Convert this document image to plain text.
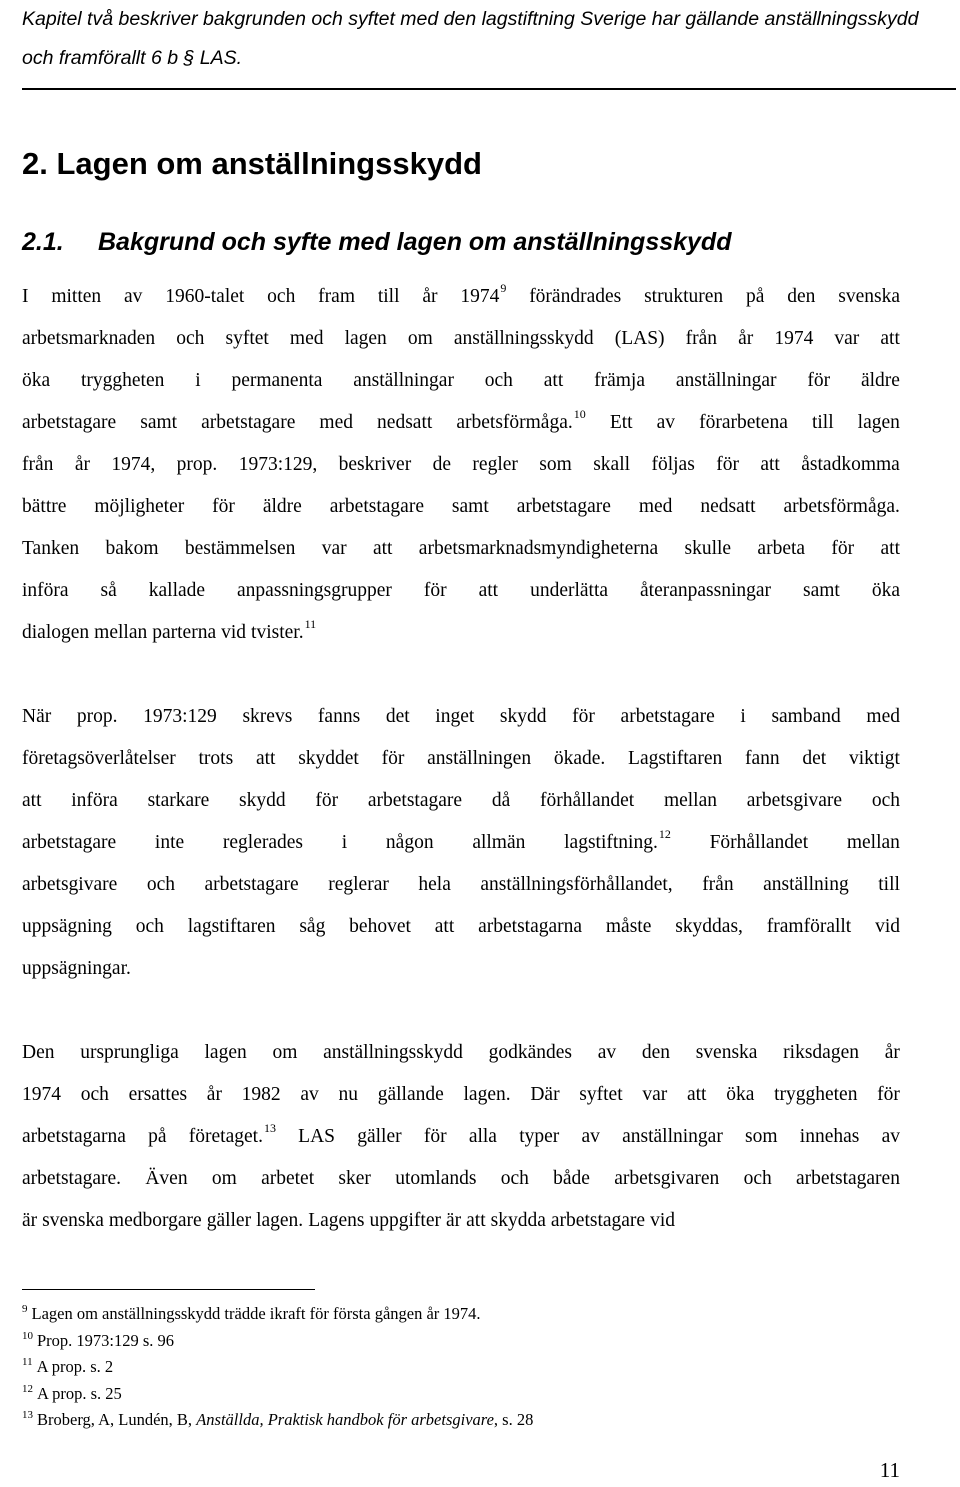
Kapitel två beskriver bakgrunden och syftet med den lagstiftning Sverige har gällande anställningsskydd och framförallt 6 b § LAS.
2. Lagen om anställningsskydd
2.1. Bakgrund och syfte med lagen om anställningsskydd
I mitten av 1960-talet och fram till år 1974$^9$ förändrades strukturen på den svenska
arbetsmarknaden och syftet med lagen om anställningsskydd (LAS) från år 1974 var att
öka tryggheten i permanenta anställningar och att främja anställningar för äldre
arbetstagare samt arbetstagare med nedsatt arbetsförmåga.$^{10}$ Ett av förarbetena till lagen
från år 1974, prop. 1973:129, beskriver de regler som skall följas för att åstadkomma
bättre möjligheter för äldre arbetstagare samt arbetstagare med nedsatt arbetsförmåga.
Tanken bakom bestämmelsen var att arbetsmarknadsmyndigheterna skulle arbeta för att
införa så kallade anpassningsgrupper för att underlätta återanpassningar samt öka
dialogen mellan parterna vid tvister.$^{11}$
När prop. 1973:129 skrevs fanns det inget skydd för arbetstagare i samband med
företagsöverlåtelser trots att skyddet för anställningen ökade. Lagstiftaren fann det viktigt
att införa starkare skydd för arbetstagare då förhållandet mellan arbetsgivare och
arbetstagare inte reglerades i någon allmän lagstiftning.$^{12}$ Förhållandet mellan
arbetsgivare och arbetstagare reglerar hela anställningsförhållandet, från anställning till
uppsägning och lagstiftaren såg behovet att arbetstagarna måste skyddas, framförallt vid
uppsägningar.
Den ursprungliga lagen om anställningsskydd godkändes av den svenska riksdagen år
1974 och ersattes år 1982 av nu gällande lagen. Där syftet var att öka tryggheten för
arbetstagarna på företaget.$^{13}$ LAS gäller för alla typer av anställningar som innehas av
arbetstagare. Även om arbetet sker utomlands och både arbetsgivaren och arbetstagaren
är svenska medborgare gäller lagen. Lagens uppgifter är att skydda arbetstagare vid
$^9$ Lagen om anställningsskydd trädde ikraft för första gången år 1974.
$^{10}$ Prop. 1973:129 s. 96
$^{11}$ A prop. s. 2
$^{12}$ A prop. s. 25
$^{13}$ Broberg, A, Lundén, B, Anställda, Praktisk handbok för arbetsgivare, s. 28
11
